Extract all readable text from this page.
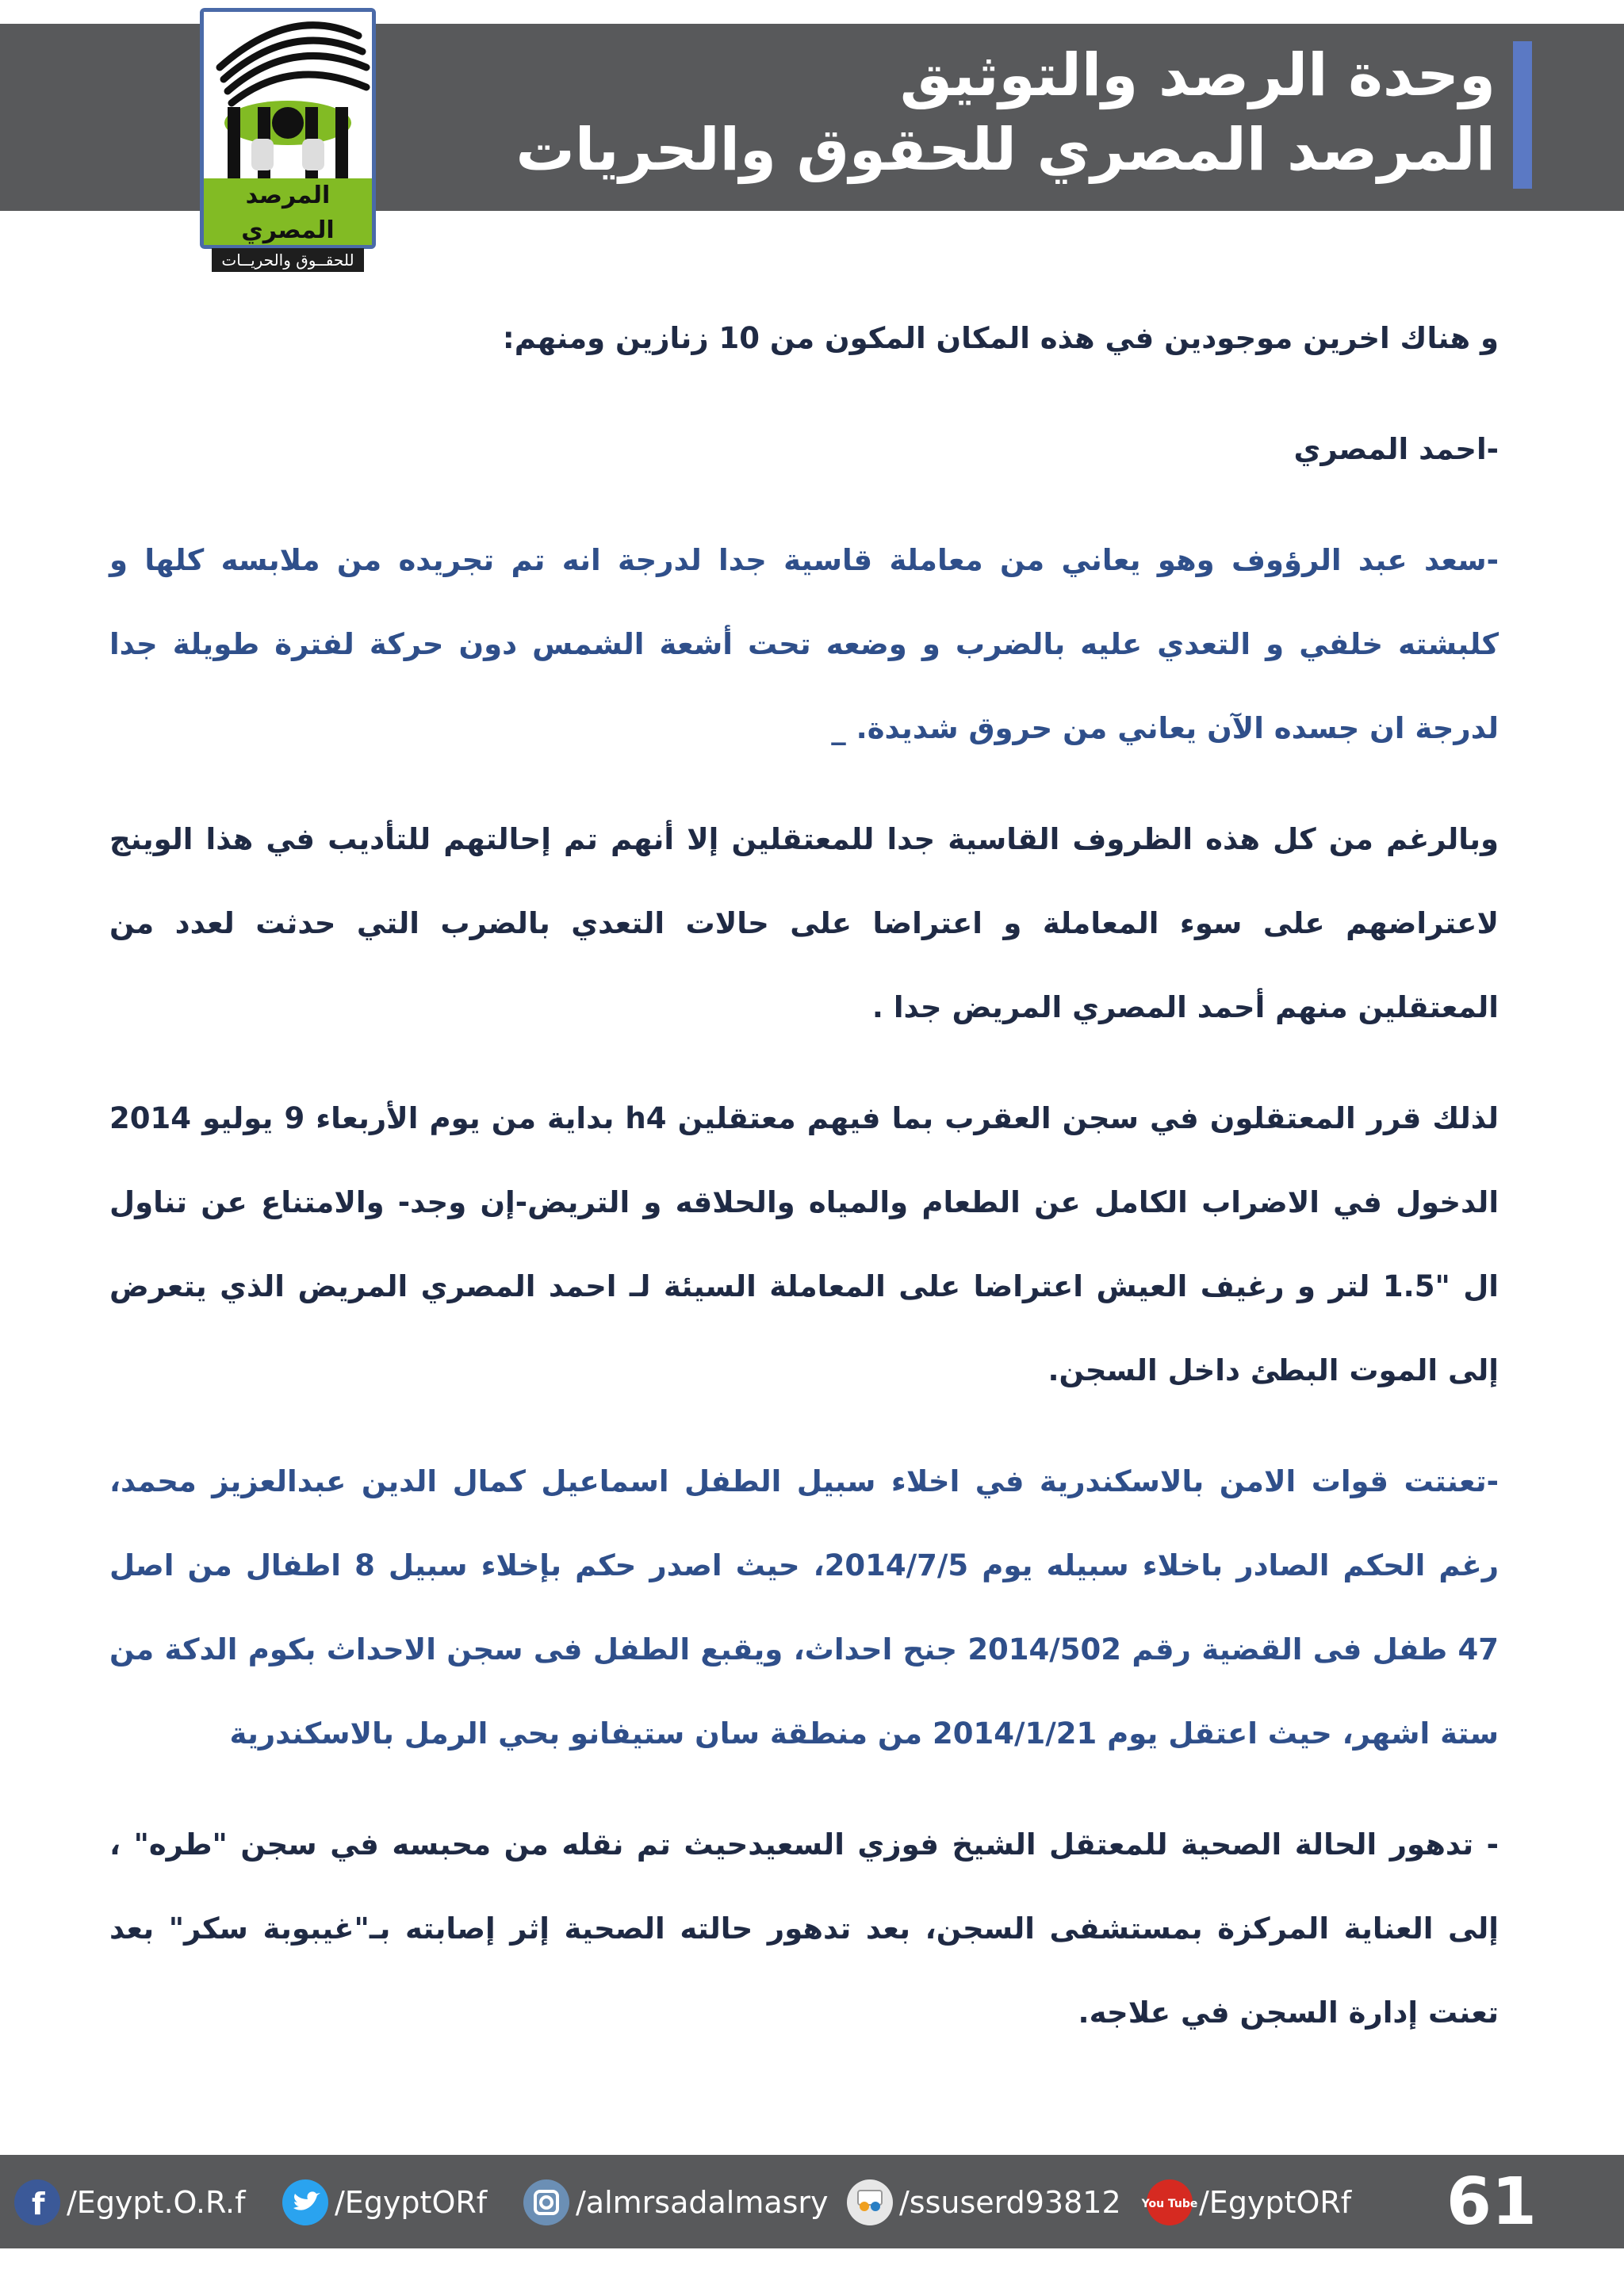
وحدة الرصد والتوثيق
المرصد المصري للحقوق والحريات
المرصد المصري
للحقــوق والحريــات

و هناك اخرين موجودين في هذه المكان المكون من 10 زنازين ومنهم:

-احمد المصري

-سعد عبد الرؤوف وهو يعاني من معاملة قاسية جدا لدرجة انه تم تجريده من ملابسه كلها و كلبشته خلفي و التعدي عليه بالضرب و وضعه تحت أشعة الشمس دون حركة لفترة طويلة جدا لدرجة ان جسده الآن يعاني من حروق شديدة. _

وبالرغم من كل هذه الظروف القاسية جدا للمعتقلين إلا أنهم تم إحالتهم للتأديب في هذا الوينج لاعتراضهم على سوء المعاملة و اعتراضا على حالات التعدي بالضرب التي حدثت لعدد من المعتقلين منهم أحمد المصري المريض جدا .

لذلك قرر المعتقلون في سجن العقرب بما فيهم معتقلين h4 بداية من يوم الأربعاء 9 يوليو 2014 الدخول في الاضراب الكامل عن الطعام والمياه والحلاقه و التريض-إن وجد- والامتناع عن تناول ال "1.5 لتر و رغيف العيش اعتراضا على المعاملة السيئة لـ احمد المصري المريض الذي يتعرض إلى الموت البطئ داخل السجن.

-تعنتت قوات الامن بالاسكندرية في اخلاء سبيل الطفل اسماعيل كمال الدين عبدالعزيز محمد، رغم الحكم الصادر باخلاء سبيله يوم 2014/7/5، حيث اصدر حكم بإخلاء سبيل 8 اطفال من اصل 47 طفل فى القضية رقم 2014/502 جنح احداث، ويقبع الطفل فى سجن الاحداث بكوم الدكة من ستة اشهر، حيث اعتقل يوم 2014/1/21 من منطقة سان ستيفانو بحي الرمل بالاسكندرية

- تدهور الحالة الصحية للمعتقل الشيخ فوزي السعيدحيث تم نقله من محبسه في سجن "طره" ، إلى العناية المركزة بمستشفى السجن، بعد تدهور حالته الصحية إثر إصابته بـ"غيبوبة سكر" بعد تعنت إدارة السجن في علاجه.

f /Egypt.O.R.f	/EgyptORf	/almrsadalmasry /ssuserd93812 You Tube /EgyptORf 61
